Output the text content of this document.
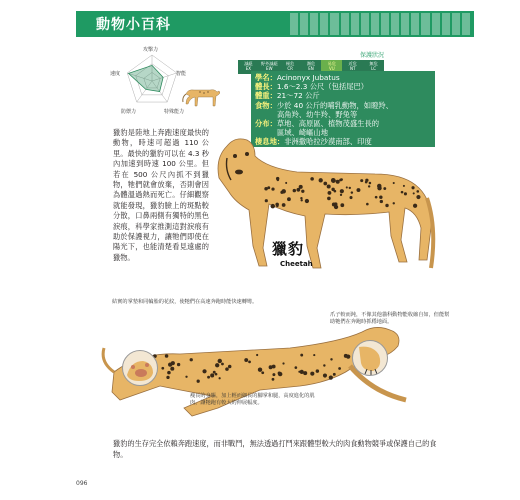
動物小百科
攻擊力
智能
特殊能力
防禦力
速度
保護狀況
滅絕
EX
野外滅絕
EW
極危
CR
瀕危
EN
易危
VU
近危
NT
無危
LC
學名：Acinonyx Jubatus
體長：1.6～2.3 公尺（包括尾巴）
體重：21～72 公斤
食物：少於 40 公斤的哺乳動物，如瞪羚、
高角羚、幼牛羚、野兔等
分布：草地、高原區、植物茂盛生長的
區域、崎嶇山地
棲息地：非洲撒哈拉沙漠南部、印度
獵豹是陸地上奔跑速度最快的動物，時速可超過 110 公里。最快的獵豹可以在 4.3 秒內加速到時速 100 公里。但若在 500 公尺內抓不到獵物，牠們就會放棄，否則會因為體溫過熱而死亡。仔細觀察就能發現，獵豹臉上的斑點較分散，口鼻兩側有獨特的黑色淚痕，科學家推測這對淚痕有助於保護視力，讓牠們即使在陽光下，也能清楚看見遠處的獵物。	獵豹
Cheetah
結實的掌墊和同輪胎的花紋，使牠們在高速奔跑時能快速轉彎。
爪子較而鈍，不像其他貓科動物能收縮自如，但能幫助牠們在奔跑時抓穩地面。
瘦長的身軀，加上輕而細長的腳掌和腿，高度進化的肌肉，讓牠跑有較大的伸展幅度。
獵豹的生存完全依賴奔跑速度，而非戰鬥，無法透過打鬥來跟體型較大的肉食動物競爭或保護自己的食物。
096
